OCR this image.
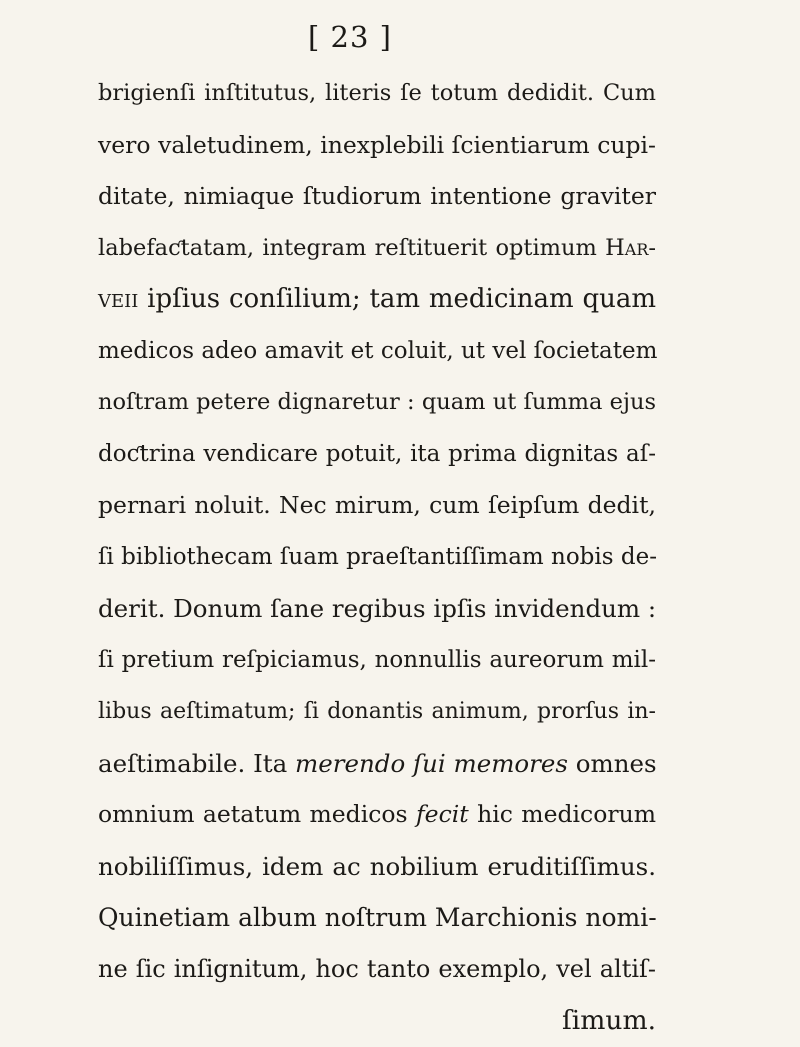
[ 23 ]
brigienſi inſtitutus, literis ſe totum dedidit. Cum
vero valetudinem, inexplebili ſcientiarum cupi-
ditate, nimiaque ſtudiorum intentione graviter
labefaƈtatam, integram reſtituerit optimum Har-
veii ipſius conſilium; tam medicinam quam
medicos adeo amavit et coluit, ut vel ſocietatem
noſtram petere dignaretur : quam ut ſumma ejus
doƈtrina vendicare potuit, ita prima dignitas aſ-
pernari noluit. Nec mirum, cum ſeipſum dedit,
ſi bibliothecam ſuam praeſtantiſſimam nobis de-
derit. Donum ſane regibus ipſis invidendum :
ſi pretium reſpiciamus, nonnullis aureorum mil-
libus aeſtimatum; ſi donantis animum, prorſus in-
aeſtimabile. Ita merendo ſui memores omnes
omnium aetatum medicos fecit hic medicorum
nobiliſſimus, idem ac nobilium eruditiſſimus.
Quinetiam album noſtrum Marchionis nomi-
ne ſic inſignitum, hoc tanto exemplo, vel altiſ-
ſimum.
